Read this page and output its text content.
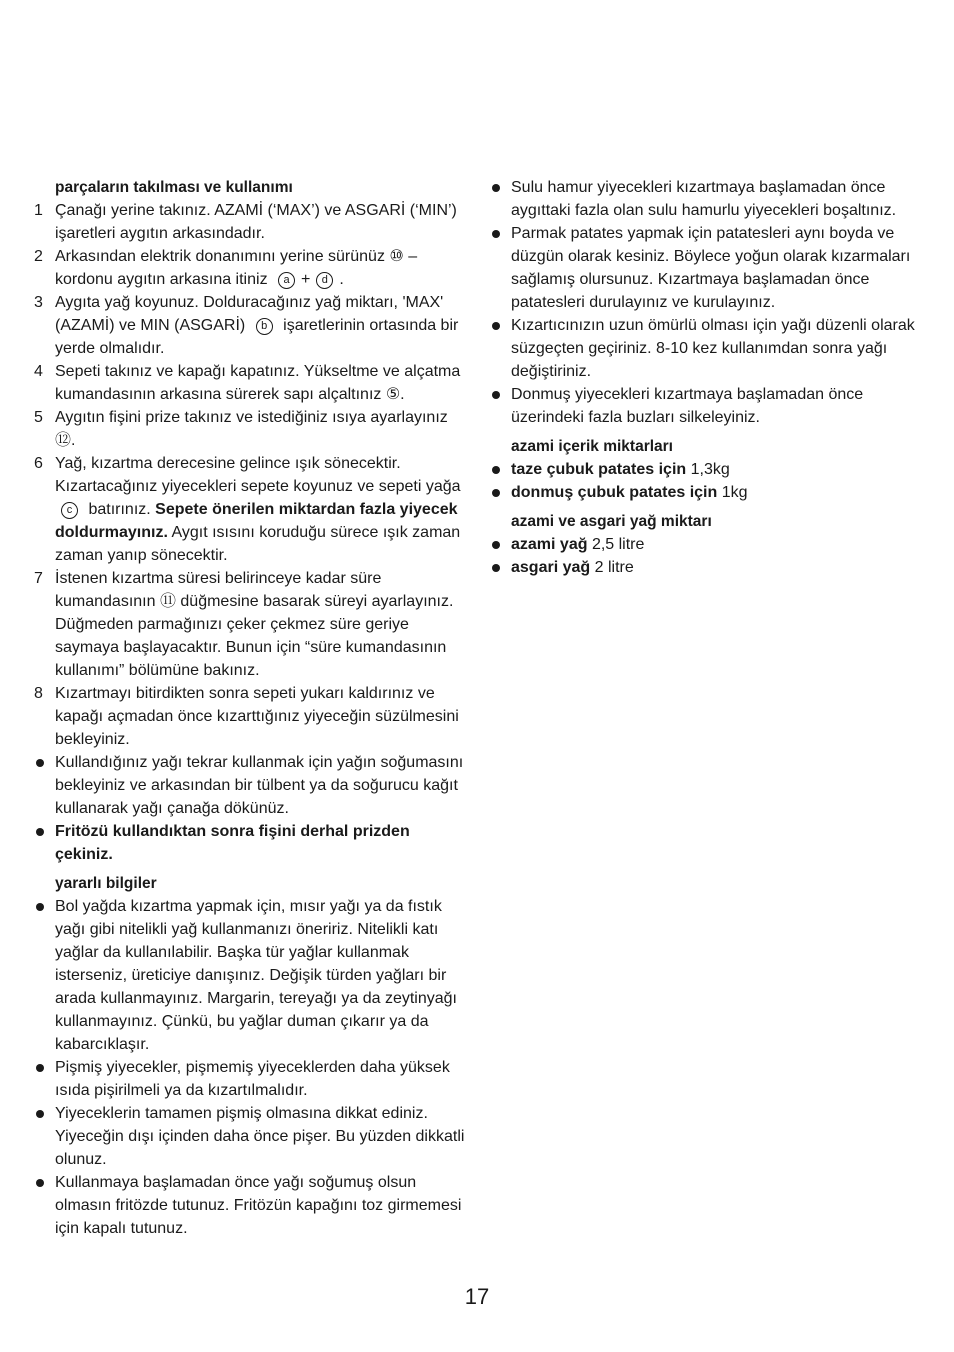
parçaların takılması ve kullanımı
1 Çanağı yerine takınız. AZAMİ (‘MAX’) ve ASGARİ (‘MIN’) işaretleri aygıtın arkasındadır.
2 Arkasından elektrik donanımını yerine sürünüz ⑩ – kordonu aygıtın arkasına itiniz a + d .
3 Aygıta yağ koyunuz. Dolduracağınız yağ miktarı, 'MAX' (AZAMİ) ve MIN (ASGARİ) b işaretlerinin ortasında bir yerde olmalıdır.
4 Sepeti takınız ve kapağı kapatınız. Yükseltme ve alçatma kumandasının arkasına sürerek sapı alçaltınız ⑤.
5 Aygıtın fişini prize takınız ve istediğiniz ısıya ayarlayınız ⑫.
6 Yağ, kızartma derecesine gelince ışık sönecektir. Kızartacağınız yiyecekleri sepete koyunuz ve sepeti yağa c batırınız. Sepete önerilen miktardan fazla yiyecek doldurmayınız. Aygıt ısısını koruduğu sürece ışık zaman zaman yanıp sönecektir.
7 İstenen kızartma süresi belirinceye kadar süre kumandasının ⑪ düğmesine basarak süreyi ayarlayınız. Düğmeden parmağınızı çeker çekmez süre geriye saymaya başlayacaktır. Bunun için “süre kumandasının kullanımı” bölümüne bakınız.
8 Kızartmayı bitirdikten sonra sepeti yukarı kaldırınız ve kapağı açmadan önce kızarttığınız yiyeceğin süzülmesini bekleyiniz.
Kullandığınız yağı tekrar kullanmak için yağın soğumasını bekleyiniz ve arkasından bir tülbent ya da soğurucu kağıt kullanarak yağı çanağa dökünüz.
Fritözü kullandıktan sonra fişini derhal prizden çekiniz.
yararlı bilgiler
Bol yağda kızartma yapmak için, mısır yağı ya da fıstık yağı gibi nitelikli yağ kullanmanızı öneririz. Nitelikli katı yağlar da kullanılabilir. Başka tür yağlar kullanmak isterseniz, üreticiye danışınız. Değişik türden yağları bir arada kullanmayınız. Margarin, tereyağı ya da zeytinyağı kullanmayınız. Çünkü, bu yağlar duman çıkarır ya da kabarcıklaşır.
Pişmiş yiyecekler, pişmemiş yiyeceklerden daha yüksek ısıda pişirilmeli ya da kızartılmalıdır.
Yiyeceklerin tamamen pişmiş olmasına dikkat ediniz. Yiyeceğin dışı içinden daha önce pişer. Bu yüzden dikkatli olunuz.
Kullanmaya başlamadan önce yağı soğumuş olsun olmasın fritözde tutunuz. Fritözün kapağını toz girmemesi için kapalı tutunuz.
Sulu hamur yiyecekleri kızartmaya başlamadan önce aygıttaki fazla olan sulu hamurlu yiyecekleri boşaltınız.
Parmak patates yapmak için patatesleri aynı boyda ve düzgün olarak kesiniz. Böylece yoğun olarak kızarmaları sağlamış olursunuz. Kızartmaya başlamadan önce patatesleri durulayınız ve kurulayınız.
Kızartıcınızın uzun ömürlü olması için yağı düzenli olarak süzgeçten geçiriniz. 8-10 kez kullanımdan sonra yağı değiştiriniz.
Donmuş yiyecekleri kızartmaya başlamadan önce üzerindeki fazla buzları silkeleyiniz.
azami içerik miktarları
taze çubuk patates için 1,3kg
donmuş çubuk patates için 1kg
azami ve asgari yağ miktarı
azami yağ 2,5 litre
asgari yağ 2 litre
17
